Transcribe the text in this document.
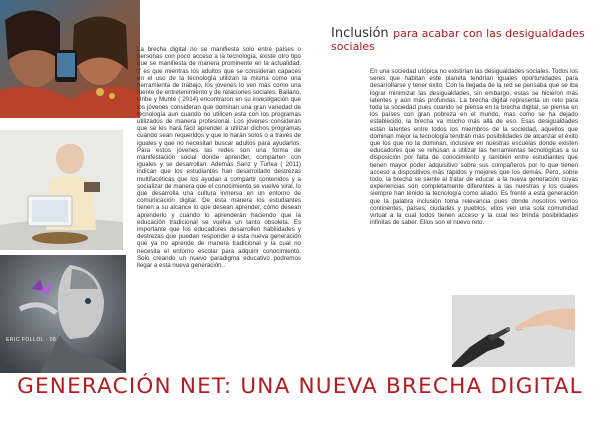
ERIC FOLLOL · 08

La brecha digital no se manifiesta solo entre países o personas con poco acceso a la tecnología, existe otro tipo que se manifiesta de manera prominente en la actualidad. Y es que mientras los adultos que se consideran capaces en el uso de la tecnología utilizan la misma como una herramienta de trabajo, los jóvenes lo ven más como una fuente de entretenimiento y de relaciones sociales. Ballano, Uribe y Munté ( 2014) encontraron en su investigación que los jóvenes consideran que dominan una gran variedad de tecnología aun cuando no utilicen esta con los programas utilizados de manera profesional. Los jóvenes consideran que se les hará fácil aprender a utilizar dichos programas cuando sean requeridos y que lo harán solos o a través de iguales y que no necesitan buscar adultos para ayudarlos. Para estos jóvenes las redes son una forma de manifestación social donde aprender, comparten con iguales y se desarrollan. Ademàs Sanz y Turlea ( 2011) indican que los estudiantes han desarrollado destrezas multifacéticas que los ayudan a compartir contenidos y a socializar de manera que el conocimiento se vuelve viral, lo que desarrolla una cultura inmersa en un entorno de comunicación digital. De esta manera los estudiantes tienen a su alcance lo que desean aprender, cómo desean aprenderlo y cuándo lo aprenderán haciendo que la educación tradicional se vuelva un tanto obsoleta. Es importante que los educadores desarrollen habilidades y destrezas que puedan responder a esta nueva generación que ya no aprende de manera tradicional y la cual no necesita el entorno escolar para adquirir conocimiento. Solo creando un nuevo paradigma educativo podremos llegar a esta nueva generación..

Inclusión para acabar con las desigualdades sociales

En una sociedad utópica no existirían las desigualdades sociales. Todos los seres que habitan este planeta tendrían iguales oportunidades para desarrollarse y tener éxito. Con la llegada de la red se pensaba que se iba lograr minimizar las desigualdades, sin embargo, estas se hicieron más latentes y aún más profundas. La brecha digital representa un reto para toda la sociedad pues cuando se piensa en la brecha digital, se piensa en los países con gran pobreza en el mundo, mas como se ha dejado establecido, la brecha va mucho más allá de eso. Esas desigualdades están latentes entre todos los miembros de la sociedad, aquellos que dominan mejor la tecnología tendrán más posibilidades de alcanzar el éxito que los que no la dominan, inclusive en nuestras escuelas donde existen educadores que se rehúsan a utilizar las herramientas tecnológicas a su disposición por falta de conocimiento y también entre estudiantes que tienen mayor poder adquisitivo sobre sus compañeros por lo que tienen acceso a dispositivos más rápidos y mejores que los demás. Pero, sobre todo, la brecha se siente al tratar de educar a la nueva generación cuyas experiencias son completamente diferentes a las nuestras y los cuales siempre han tenido la tecnología como aliado. Es frente a esta generación que la palabra inclusión toma relevancia pues donde nosotros vemos continentes, países, ciudades y pueblos, ellos ven una sola comunidad virtual a la cual todos tienen acceso y la cual les brinda posibilidades infinitas de saber. Ellos son el nuevo reto.

GENERACIÓN NET: UNA NUEVA BRECHA DIGITAL
